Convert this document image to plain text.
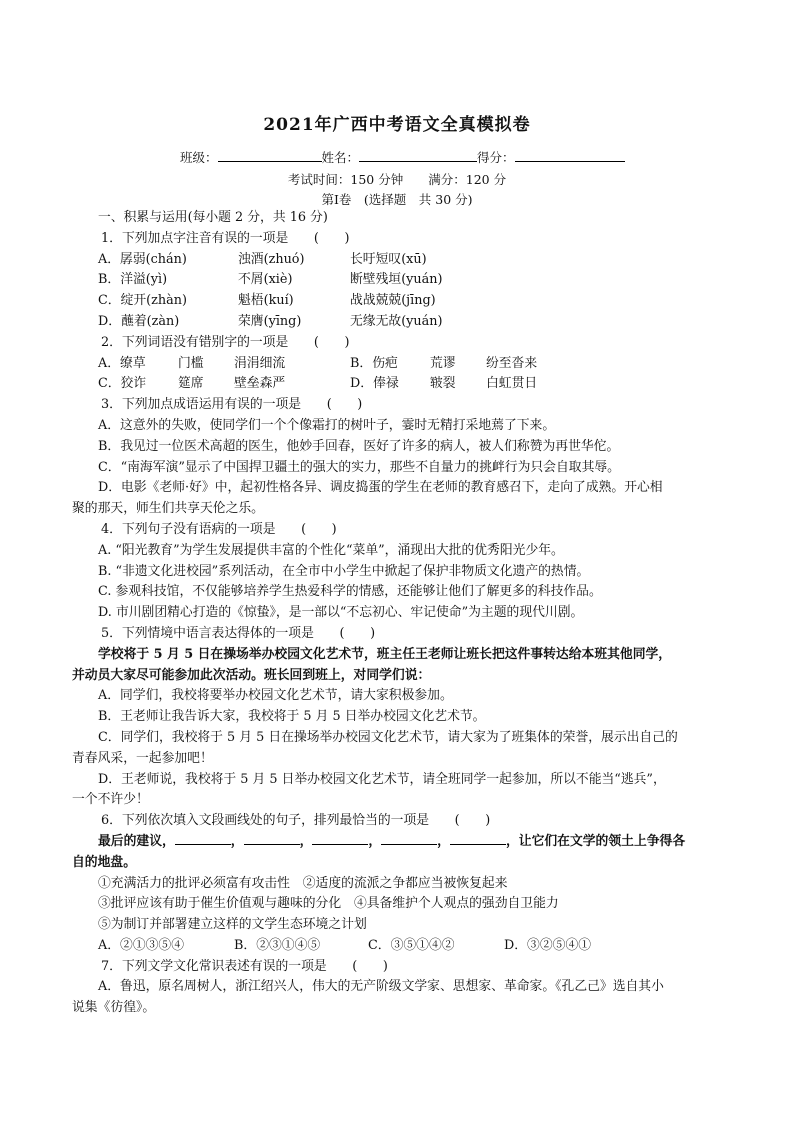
2021年广西中考语文全真模拟卷
班级：	姓名：	得分：
考试时间：150 分钟　　满分：120 分
第Ⅰ卷　(选择题　共 30 分)
一、积累与运用(每小题 2 分，共 16 分)
1．下列加点字注音有误的一项是　　(　　)
A．孱弱(chán)	浊酒(zhuó)	长吁短叹(xū)
B．洋溢(yì)	不屑(xiè)	断壁残垣(yuán)
C．绽开(zhàn)	魁梧(kuí)	战战兢兢(jīng)
D．蘸着(zàn)	荣膺(yīng)	无缘无故(yuán)
2．下列词语没有错别字的一项是　　(　　)
A．缭草	门槛 涓涓细流	B．伤疤	荒谬 纷至沓来
C．狡诈 筵席 壁垒森严	D．俸禄 皲裂 白虹贯日
3．下列加点成语运用有误的一项是　　(　　)
A．这意外的失败，使同学们一个个像霜打的树叶子，霎时无精打采地蔫了下来。
B．我见过一位医术高超的医生，他妙手回春，医好了许多的病人，被人们称赞为再世华佗。
C．“南海军演”显示了中国捍卫疆土的强大的实力，那些不自量力的挑衅行为只会自取其辱。
D．电影《老师·好》中，起初性格各异、调皮捣蛋的学生在老师的教育感召下，走向了成熟。开心相
聚的那天，师生们共享天伦之乐。
4．下列句子没有语病的一项是　　(　　)
A. “阳光教育”为学生发展提供丰富的个性化“菜单”，涌现出大批的优秀阳光少年。
B. “非遗文化进校园”系列活动，在全市中小学生中掀起了保护非物质文化遗产的热情。
C. 参观科技馆，不仅能够培养学生热爱科学的情感，还能够让他们了解更多的科技作品。
D. 市川剧团精心打造的《惊蛰》，是一部以“不忘初心、牢记使命”为主题的现代川剧。
5．下列情境中语言表达得体的一项是　　(　　)
学校将于 5 月 5 日在操场举办校园文化艺术节，班主任王老师让班长把这件事转达给本班其他同学，
并动员大家尽可能参加此次活动。班长回到班上，对同学们说：
A．同学们，我校将要举办校园文化艺术节，请大家积极参加。
B．王老师让我告诉大家，我校将于 5 月 5 日举办校园文化艺术节。
C．同学们，我校将于 5 月 5 日在操场举办校园文化艺术节，请大家为了班集体的荣誉，展示出自己的
青春风采，一起参加吧！
D．王老师说，我校将于 5 月 5 日举办校园文化艺术节，请全班同学一起参加，所以不能当“逃兵”，
一个不许少！
6．下列依次填入文段画线处的句子，排列最恰当的一项是　　(　　)
最后的建议，	，	，	，	，	，让它们在文学的领土上争得各
自的地盘。
①充满活力的批评必须富有攻击性　②适度的流派之争都应当被恢复起来
③批评应该有助于催生价值观与趣味的分化　④具备维护个人观点的强劲自卫能力
⑤为制订并部署建立这样的文学生态环境之计划
A．②①③⑤④	B．②③①④⑤	C．③⑤①④②	D．③②⑤④①
7．下列文学文化常识表述有误的一项是　　(　　)
A．鲁迅，原名周树人，浙江绍兴人，伟大的无产阶级文学家、思想家、革命家。《孔乙己》选自其小
说集《彷徨》。
